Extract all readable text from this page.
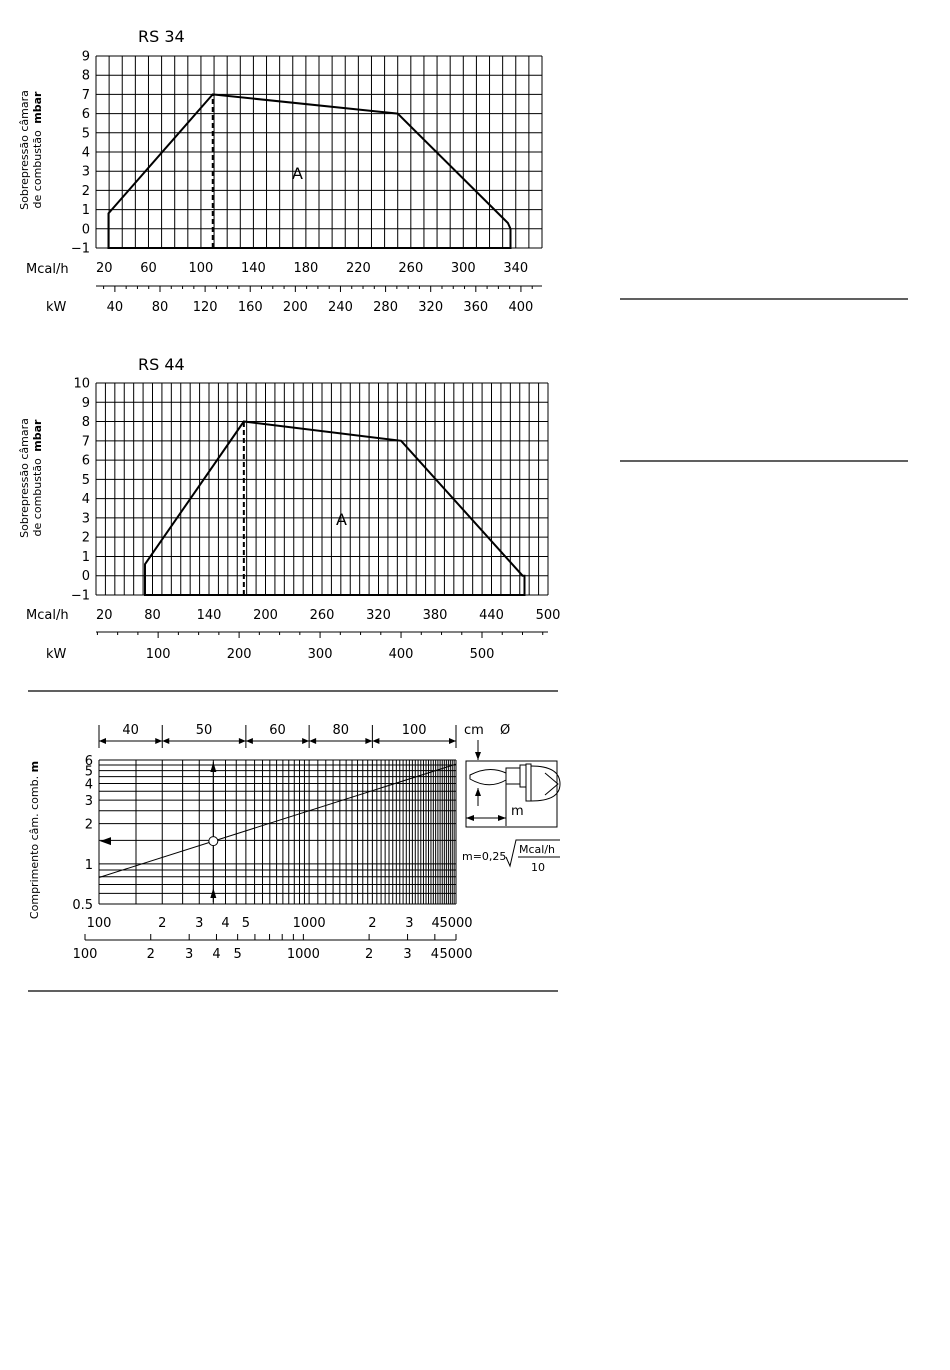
RS 34
Sobrepressão câmara de combustão mbar
−1
0
1
2
3
4
5
6
7
8
9
Mcal/h 20 60 100 140 180 220 260 300 340
kW	40 80 120 160 200 240 280 320 360 400
A
RS 44
Sobrepressão câmara de combustão mbar
−1
0
1
2
3
4
5
6
7
8
9
10
Mcal/h 20 80	140 200 260 320 380 440 500
kW	100	200	300	400	500
A
Comprimento câm. comb. m
40	50	60	80	100
6
5
4
3
2
1
0.5
100	2 3 4 5	1000	2 3 4 5000
100	2 3 4 5	1000	2 3 4 5000
cm Ø
m
m=0,25
Mcal/h
10
